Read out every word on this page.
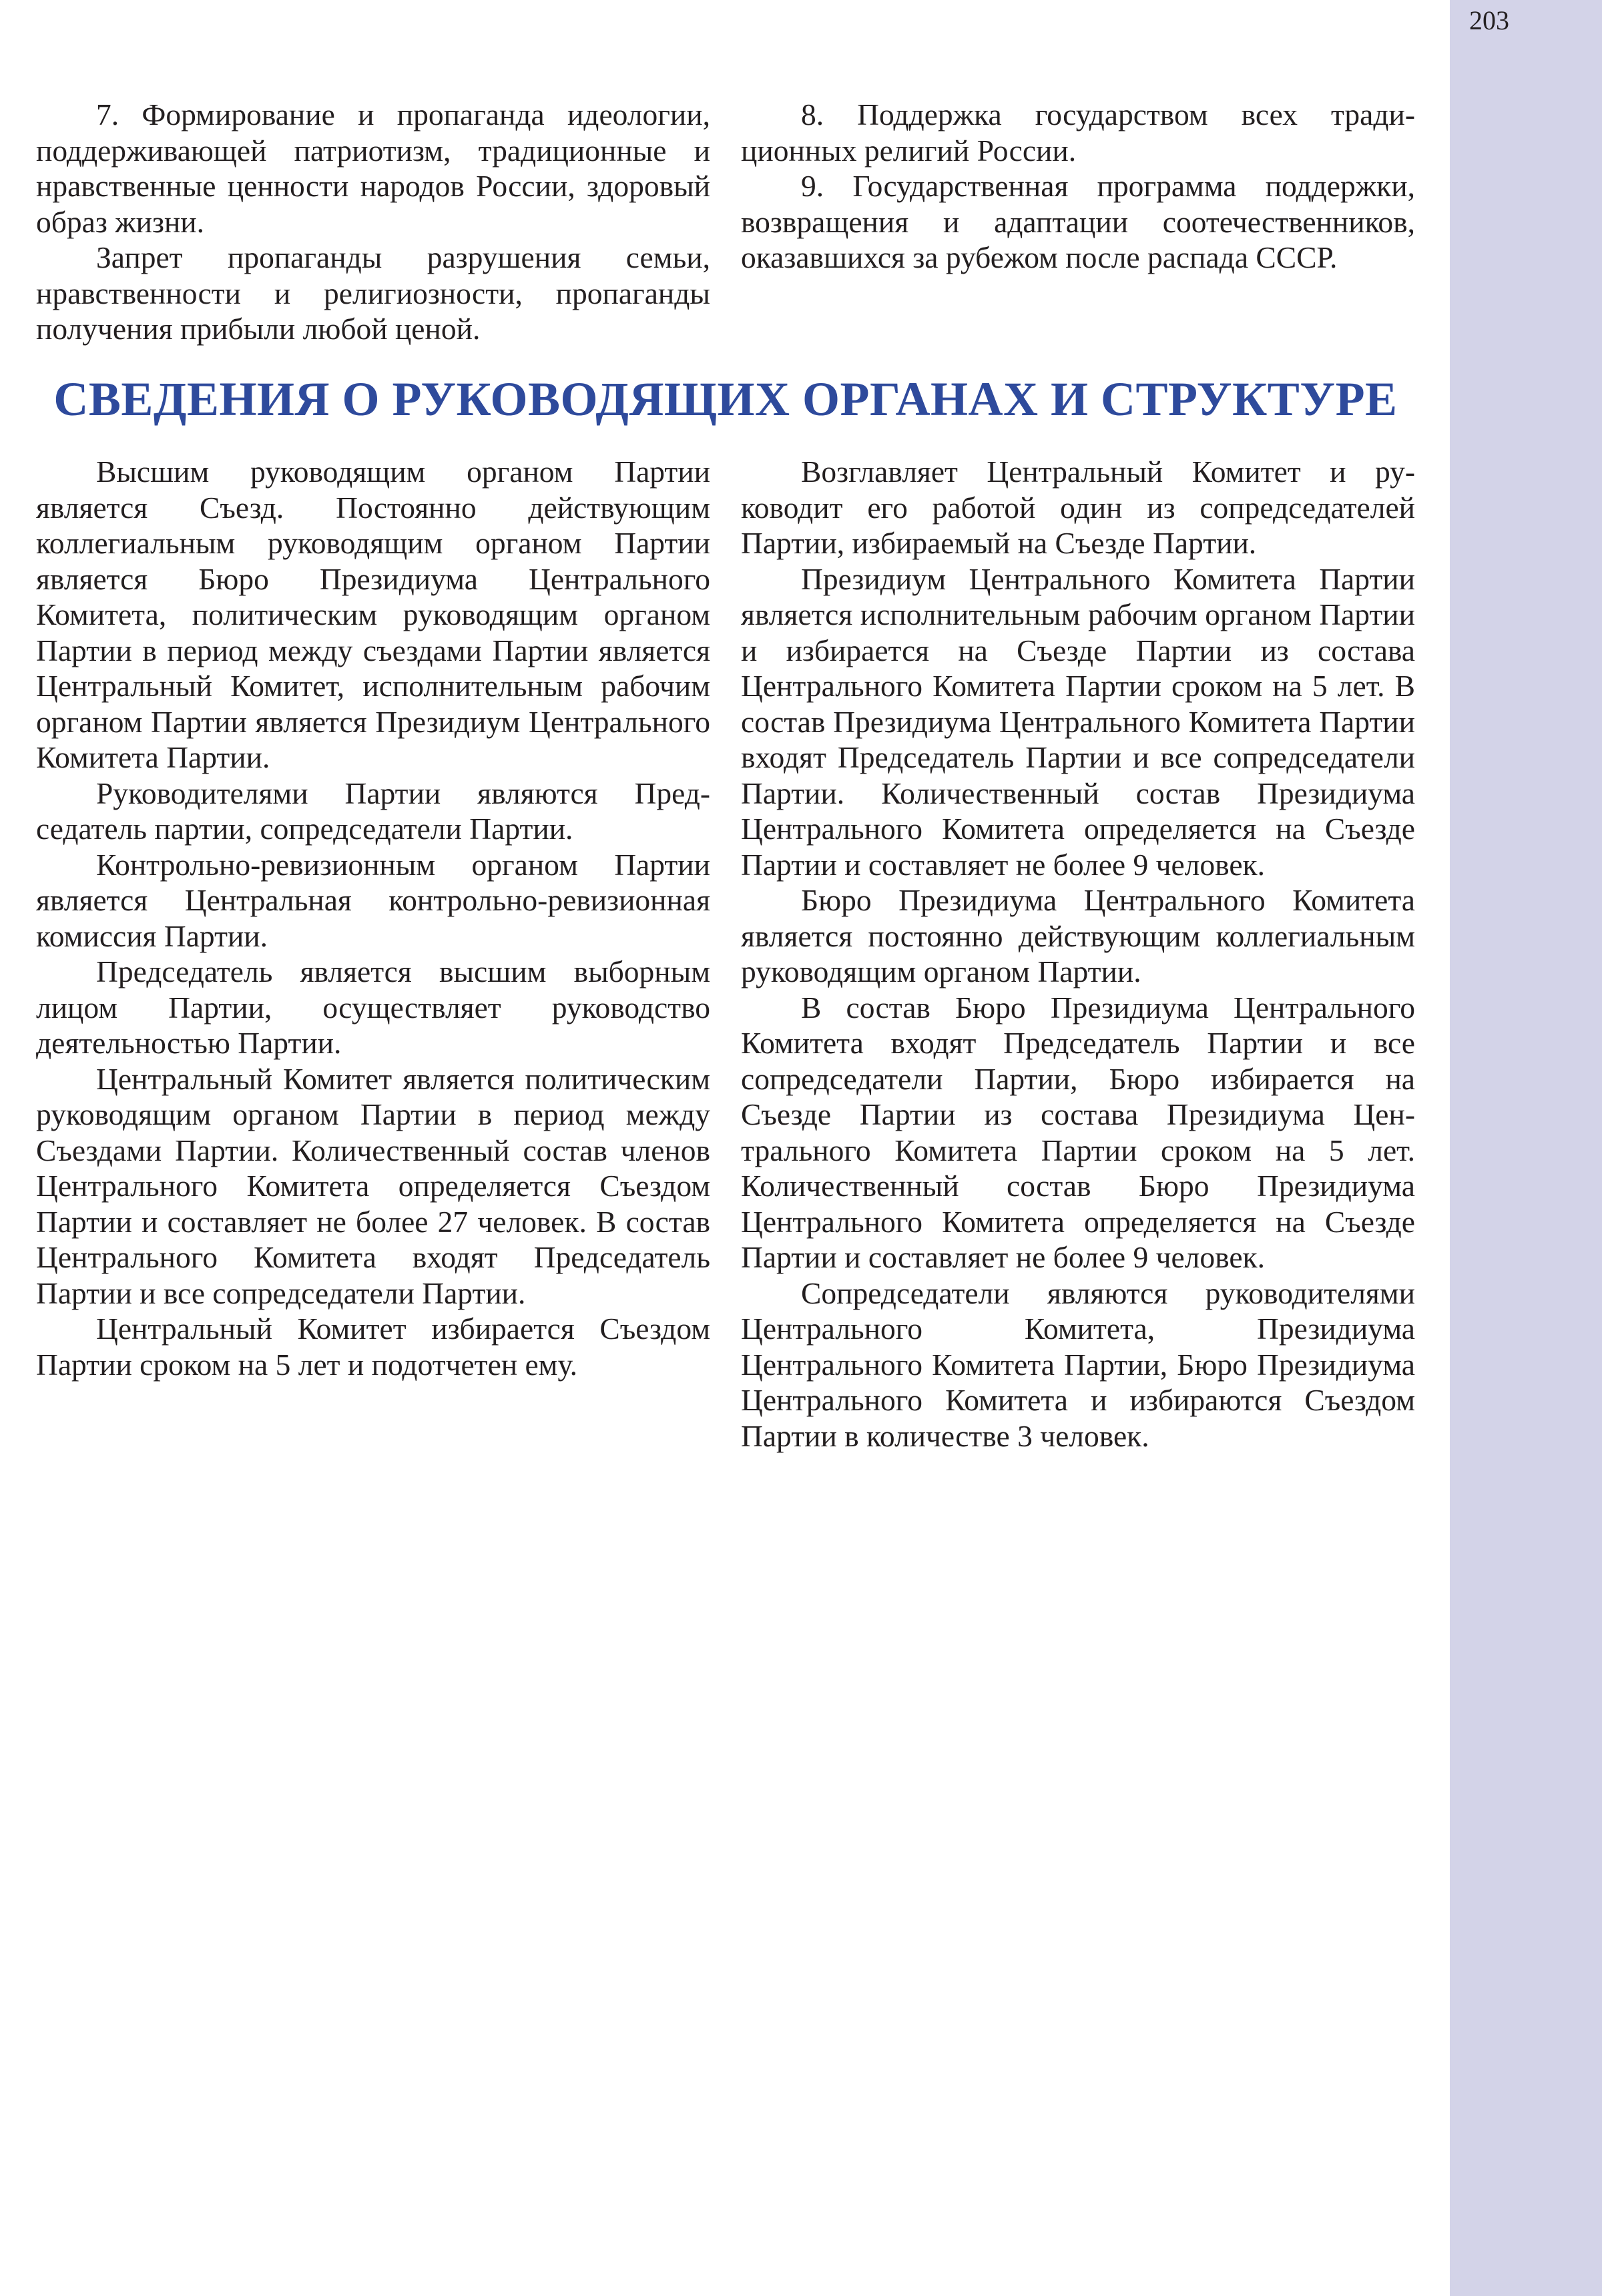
203

7. Формирование и пропаганда идеологии, поддерживающей патриотизм, традиционные и нравственные ценности народов России, здоровый образ жизни.

Запрет пропаганды разрушения семьи, нравственности и религиозности, пропаганды получения прибыли любой ценой.

8. Поддержка государством всех традиционных религий России.

9. Государственная программа поддержки, возвращения и адаптации соотечественников, оказавшихся за рубежом после распада СССР.

СВЕДЕНИЯ О РУКОВОДЯЩИХ ОРГАНАХ И СТРУКТУРЕ

Высшим руководящим органом Партии является Съезд. Постоянно действующим коллегиальным руководящим органом Партии является Бюро Президиума Центрального Комитета, политическим руководящим органом Партии в период между съездами Партии является Центральный Комитет, исполнительным рабочим органом Партии является Президиум Центрального Комитета Партии.

Руководителями Партии являются Председатель партии, сопредседатели Партии.

Контрольно-ревизионным органом Партии является Центральная контрольно-ревизионная комиссия Партии.

Председатель является высшим выборным лицом Партии, осуществляет руководство деятельностью Партии.

Центральный Комитет является политическим руководящим органом Партии в период между Съездами Партии. Количественный состав членов Центрального Комитета определяется Съездом Партии и составляет не более 27 человек. В состав Центрального Комитета входят Председатель Партии и все сопредседатели Партии.

Центральный Комитет избирается Съездом Партии сроком на 5 лет и подотчетен ему.

Возглавляет Центральный Комитет и руководит его работой один из сопредседателей Партии, избираемый на Съезде Партии.

Президиум Центрального Комитета Партии является исполнительным рабочим органом Партии и избирается на Съезде Партии из состава Центрального Комитета Партии сроком на 5 лет. В состав Президиума Центрального Комитета Партии входят Председатель Партии и все сопредседатели Партии. Количественный состав Президиума Центрального Комитета определяется на Съезде Партии и составляет не более 9 человек.

Бюро Президиума Центрального Комитета является постоянно действующим коллегиальным руководящим органом Партии.

В состав Бюро Президиума Центрального Комитета входят Председатель Партии и все сопредседатели Партии, Бюро избирается на Съезде Партии из состава Президиума Центрального Комитета Партии сроком на 5 лет. Количественный состав Бюро Президиума Центрального Комитета определяется на Съезде Партии и составляет не более 9 человек.

Сопредседатели являются руководителями Центрального Комитета, Президиума Центрального Комитета Партии, Бюро Президиума Центрального Комитета и избираются Съездом Партии в количестве 3 человек.
